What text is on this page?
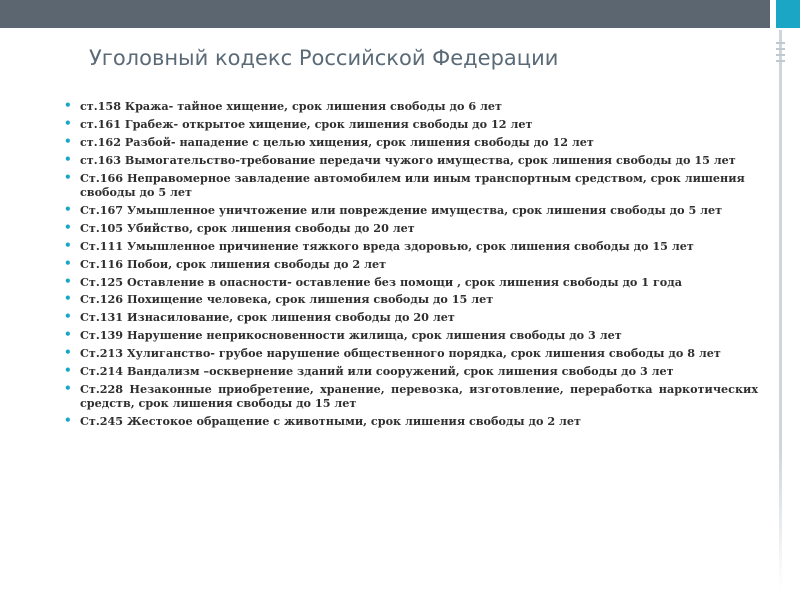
Уголовный кодекс Российской Федерации
• ст.158 Кража- тайное хищение, срок лишения свободы до 6 лет
• ст.161 Грабеж- открытое хищение, срок лишения свободы до 12 лет
• ст.162 Разбой- нападение с целью хищения, срок лишения свободы до 12 лет
• ст.163 Вымогательство-требование передачи чужого имущества, срок лишения свободы до 15 лет
• Ст.166 Неправомерное завладение автомобилем или иным транспортным средством, срок лишения свободы до 5 лет
• Ст.167 Умышленное уничтожение или повреждение имущества, срок лишения свободы до 5 лет
• Ст.105 Убийство, срок лишения свободы до 20 лет
• Ст.111 Умышленное причинение тяжкого вреда здоровью, срок лишения свободы до 15 лет
• Ст.116 Побои, срок лишения свободы до 2 лет
• Ст.125 Оставление в опасности- оставление без помощи , срок лишения свободы до 1 года
• Ст.126 Похищение человека, срок лишения свободы до 15 лет
• Ст.131 Изнасилование, срок лишения свободы до 20 лет
• Ст.139 Нарушение неприкосновенности жилища, срок лишения свободы до 3 лет
• Ст.213 Хулиганство- грубое нарушение общественного порядка, срок лишения свободы до 8 лет
• Ст.214 Вандализм –осквернение зданий или сооружений, срок лишения свободы до 3 лет
• Ст.228 Незаконные приобретение, хранение, перевозка, изготовление, переработка наркотических средств, срок лишения свободы до 15 лет
• Ст.245 Жестокое обращение с животными, срок лишения свободы до 2 лет
